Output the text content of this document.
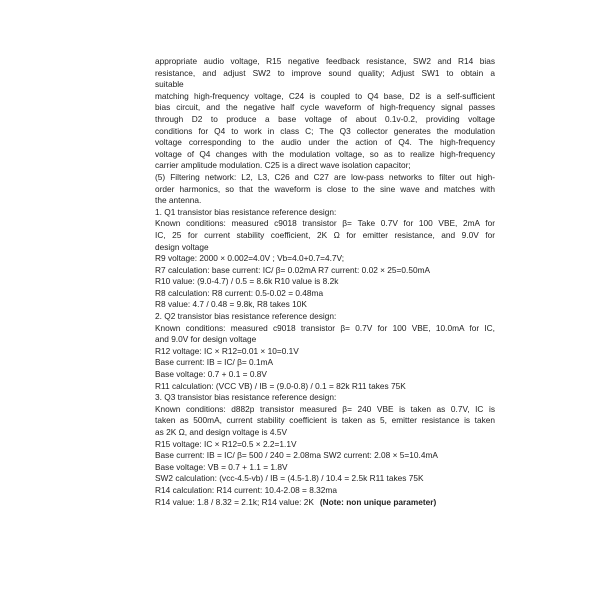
appropriate audio voltage, R15 negative feedback resistance, SW2 and R14 bias
resistance, and adjust SW2 to improve sound quality; Adjust SW1 to obtain a
suitable
matching high-frequency voltage, C24 is coupled to Q4 base, D2 is a self-sufficient
bias circuit, and the negative half cycle waveform of high-frequency signal passes
through D2 to produce a base voltage of about 0.1v-0.2, providing voltage
conditions for Q4 to work in class C; The Q3 collector generates the modulation
voltage corresponding to the audio under the action of Q4. The high-frequency
voltage of Q4 changes with the modulation voltage, so as to realize high-frequency
carrier amplitude modulation. C25 is a direct wave isolation capacitor;
(5) Filtering network: L2, L3, C26 and C27 are low-pass networks to filter out high-
order harmonics, so that the waveform is close to the sine wave and matches with
the antenna.
1. Q1 transistor bias resistance reference design:
Known conditions: measured c9018 transistor β= Take 0.7V for 100 VBE, 2mA for
IC, 25 for current stability coefficient, 2K Ω for emitter resistance, and 9.0V for
design voltage
R9 voltage: 2000 × 0.002=4.0V ; Vb=4.0+0.7=4.7V;
R7 calculation: base current: IC/ β= 0.02mA R7 current: 0.02 × 25=0.50mA
R10 value: (9.0-4.7) / 0.5 = 8.6k R10 value is 8.2k
R8 calculation: R8 current: 0.5-0.02 = 0.48ma
R8 value: 4.7 / 0.48 = 9.8k, R8 takes 10K
2. Q2 transistor bias resistance reference design:
Known conditions: measured c9018 transistor β= 0.7V for 100 VBE, 10.0mA for IC,
and 9.0V for design voltage
R12 voltage: IC × R12=0.01 × 10=0.1V
Base current: IB = IC/ β= 0.1mA
Base voltage: 0.7 + 0.1 = 0.8V
R11 calculation: (VCC VB) / IB = (9.0-0.8) / 0.1 = 82k R11 takes 75K
3. Q3 transistor bias resistance reference design:
Known conditions: d882p transistor measured β= 240 VBE is taken as 0.7V, IC is
taken as 500mA, current stability coefficient is taken as 5, emitter resistance is taken
as 2K Ω, and design voltage is 4.5V
R15 voltage: IC × R12=0.5 × 2.2=1.1V
Base current: IB = IC/ β= 500 / 240 = 2.08ma SW2 current: 2.08 × 5=10.4mA
Base voltage: VB = 0.7 + 1.1 = 1.8V
SW2 calculation: (vcc-4.5-vb) / IB = (4.5-1.8) / 10.4 = 2.5k R11 takes 75K
R14 calculation: R14 current: 10.4-2.08 = 8.32ma
R14 value: 1.8 / 8.32 = 2.1k; R14 value: 2K (Note: non unique parameter)
